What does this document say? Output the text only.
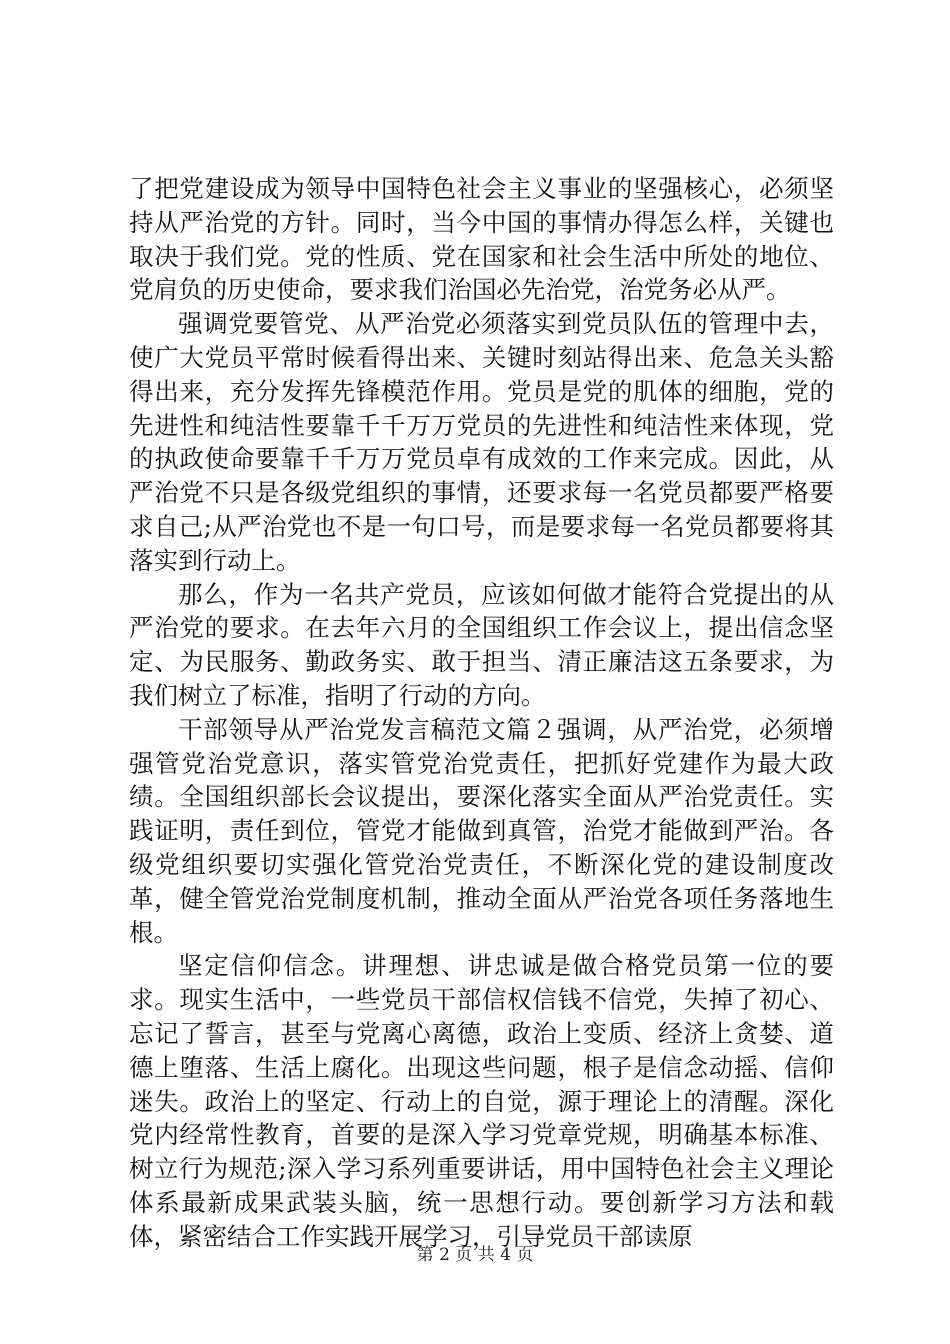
了把党建设成为领导中国特色社会主义事业的坚强核心，必须坚持从严治党的方针。同时，当今中国的事情办得怎么样，关键也取决于我们党。党的性质、党在国家和社会生活中所处的地位、党肩负的历史使命，要求我们治国必先治党，治党务必从严。

强调党要管党、从严治党必须落实到党员队伍的管理中去，使广大党员平常时候看得出来、关键时刻站得出来、危急关头豁得出来，充分发挥先锋模范作用。党员是党的肌体的细胞，党的先进性和纯洁性要靠千千万万党员的先进性和纯洁性来体现，党的执政使命要靠千千万万党员卓有成效的工作来完成。因此，从严治党不只是各级党组织的事情，还要求每一名党员都要严格要求自己;从严治党也不是一句口号，而是要求每一名党员都要将其落实到行动上。

那么，作为一名共产党员，应该如何做才能符合党提出的从严治党的要求。在去年六月的全国组织工作会议上，提出信念坚定、为民服务、勤政务实、敢于担当、清正廉洁这五条要求，为我们树立了标准，指明了行动的方向。

干部领导从严治党发言稿范文篇２强调，从严治党，必须增强管党治党意识，落实管党治党责任，把抓好党建作为最大政绩。全国组织部长会议提出，要深化落实全面从严治党责任。实践证明，责任到位，管党才能做到真管，治党才能做到严治。各级党组织要切实强化管党治党责任，不断深化党的建设制度改革，健全管党治党制度机制，推动全面从严治党各项任务落地生根。

坚定信仰信念。讲理想、讲忠诚是做合格党员第一位的要求。现实生活中，一些党员干部信权信钱不信党，失掉了初心、忘记了誓言，甚至与党离心离德，政治上变质、经济上贪婪、道德上堕落、生活上腐化。出现这些问题，根子是信念动摇、信仰迷失。政治上的坚定、行动上的自觉，源于理论上的清醒。深化党内经常性教育，首要的是深入学习党章党规，明确基本标准、树立行为规范;深入学习系列重要讲话，用中国特色社会主义理论体系最新成果武装头脑，统一思想行动。要创新学习方法和载体，紧密结合工作实践开展学习，引导党员干部读原

第 2 页 共 4 页
